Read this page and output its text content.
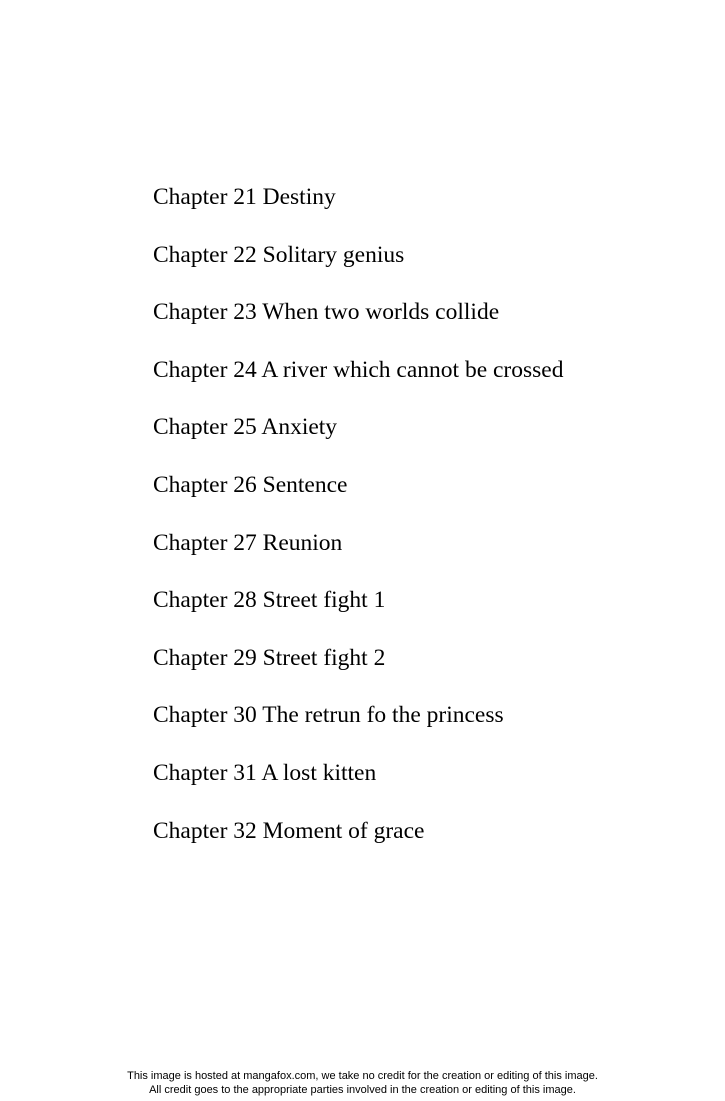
Chapter 21 Destiny
Chapter 22 Solitary genius
Chapter 23 When two worlds collide
Chapter 24 A river which cannot be crossed
Chapter 25 Anxiety
Chapter 26 Sentence
Chapter 27 Reunion
Chapter 28 Street fight 1
Chapter 29 Street fight 2
Chapter 30 The retrun fo the princess
Chapter 31 A lost kitten
Chapter 32 Moment of grace
This image is hosted at mangafox.com, we take no credit for the creation or editing of this image.
All credit goes to the appropriate parties involved in the creation or editing of this image.
